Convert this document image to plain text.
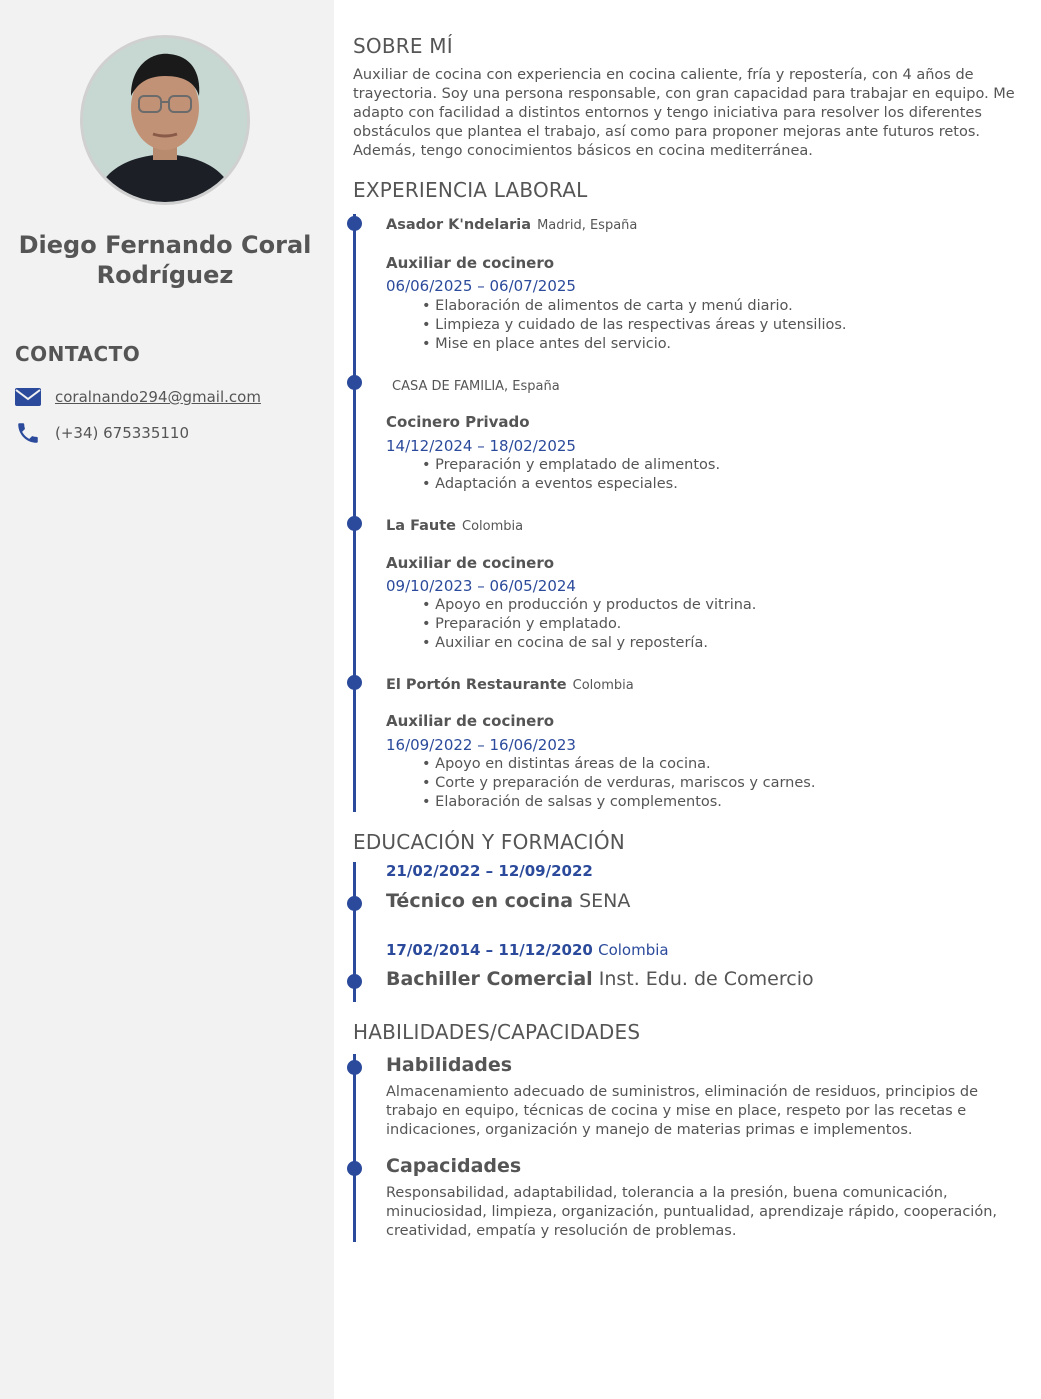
Diego Fernando Coral
Rodríguez
CONTACTO
coralnando294@gmail.com
(+34) 675335110
SOBRE MÍ
Auxiliar de cocina con experiencia en cocina caliente, fría y repostería, con 4 años de trayectoria. Soy una persona responsable, con gran capacidad para trabajar en equipo. Me adapto con facilidad a distintos entornos y tengo iniciativa para resolver los diferentes obstáculos que plantea el trabajo, así como para proponer mejoras ante futuros retos. Además, tengo conocimientos básicos en cocina mediterránea.
EXPERIENCIA LABORAL
Asador K'ndelaria Madrid, España
Auxiliar de cocinero
06/06/2025 – 06/07/2025
• Elaboración de alimentos de carta y menú diario.
• Limpieza y cuidado de las respectivas áreas y utensilios.
• Mise en place antes del servicio.
CASA DE FAMILIA, España
Cocinero Privado
14/12/2024 – 18/02/2025
• Preparación y emplatado de alimentos.
• Adaptación a eventos especiales.
La Faute Colombia
Auxiliar de cocinero
09/10/2023 – 06/05/2024
• Apoyo en producción y productos de vitrina.
• Preparación y emplatado.
• Auxiliar en cocina de sal y repostería.
El Portón Restaurante Colombia
Auxiliar de cocinero
16/09/2022 – 16/06/2023
• Apoyo en distintas áreas de la cocina.
• Corte y preparación de verduras, mariscos y carnes.
• Elaboración de salsas y complementos.
EDUCACIÓN Y FORMACIÓN
21/02/2022 – 12/09/2022
Técnico en cocina SENA
17/02/2014 – 11/12/2020 Colombia
Bachiller Comercial Inst. Edu. de Comercio
HABILIDADES/CAPACIDADES
Habilidades
Almacenamiento adecuado de suministros, eliminación de residuos, principios de trabajo en equipo, técnicas de cocina y mise en place, respeto por las recetas e indicaciones, organización y manejo de materias primas e implementos.
Capacidades
Responsabilidad, adaptabilidad, tolerancia a la presión, buena comunicación, minuciosidad, limpieza, organización, puntualidad, aprendizaje rápido, cooperación, creatividad, empatía y resolución de problemas.
